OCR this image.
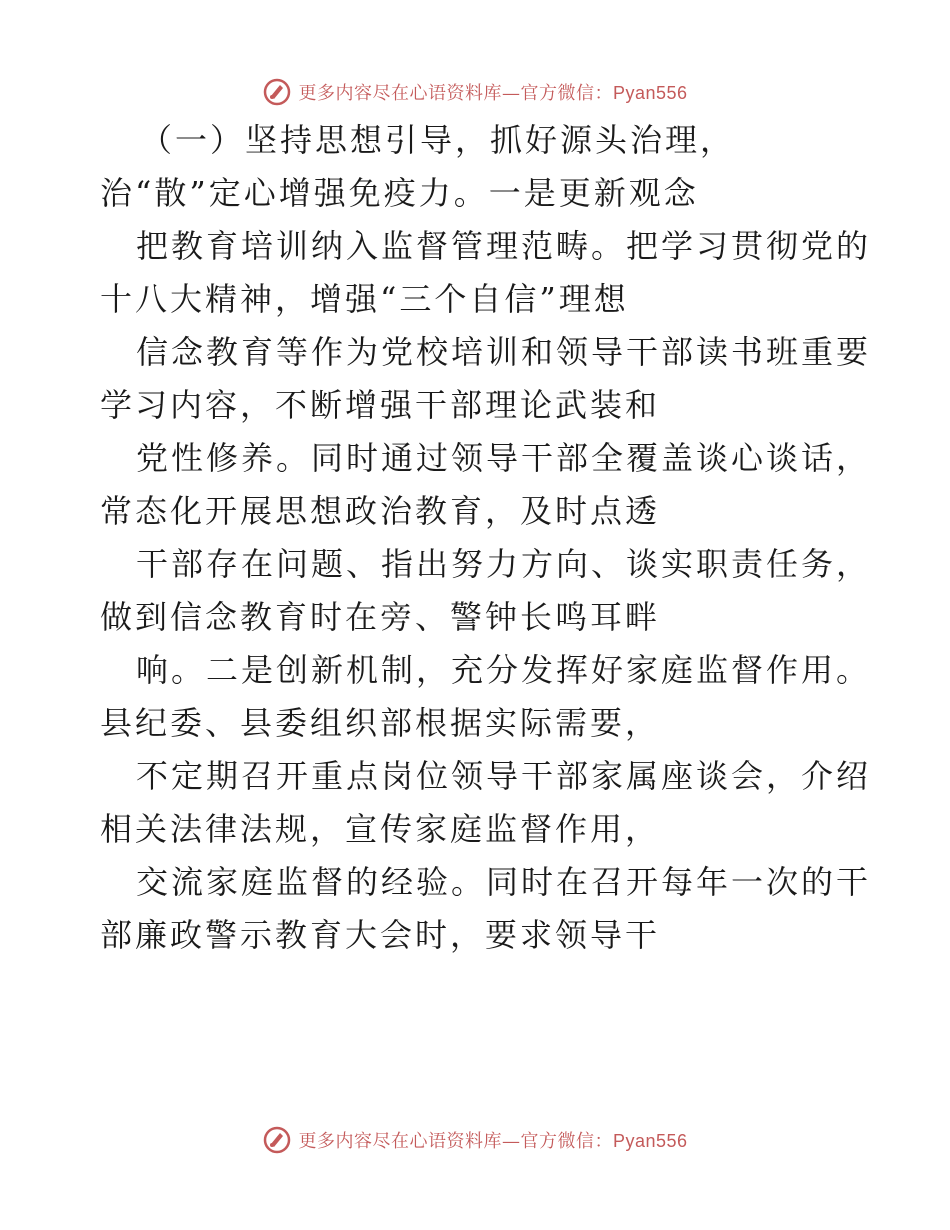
更多内容尽在心语资料库—官方微信：Pyan556
（一）坚持思想引导，抓好源头治理，
治“散”定心增强免疫力。一是更新观念
把教育培训纳入监督管理范畴。把学习贯彻党的
十八大精神，增强“三个自信”理想
信念教育等作为党校培训和领导干部读书班重要
学习内容，不断增强干部理论武装和
党性修养。同时通过领导干部全覆盖谈心谈话，
常态化开展思想政治教育，及时点透
干部存在问题、指出努力方向、谈实职责任务，
做到信念教育时在旁、警钟长鸣耳畔
响。二是创新机制，充分发挥好家庭监督作用。
县纪委、县委组织部根据实际需要，
不定期召开重点岗位领导干部家属座谈会，介绍
相关法律法规，宣传家庭监督作用，
交流家庭监督的经验。同时在召开每年一次的干
部廉政警示教育大会时，要求领导干
更多内容尽在心语资料库—官方微信：Pyan556
